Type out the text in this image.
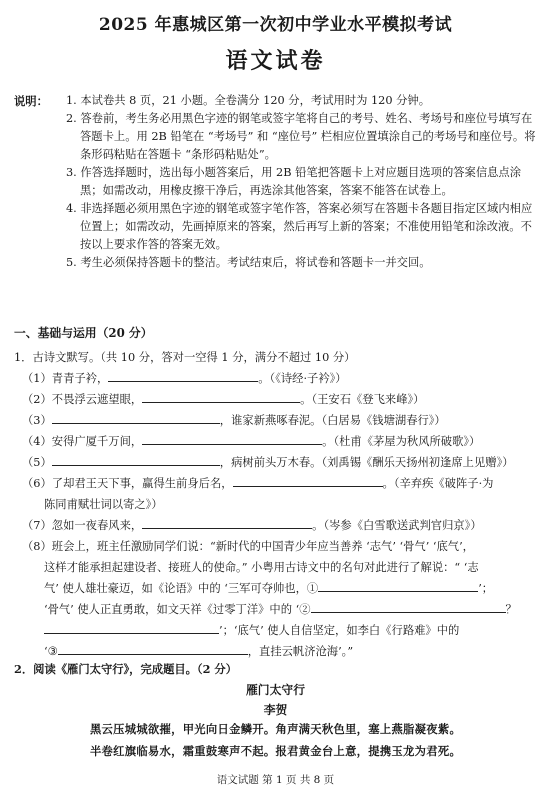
2025 年惠城区第一次初中学业水平模拟考试
语文试卷
说明：	1. 本试卷共 8 页，21 小题。全卷满分 120 分，考试用时为 120 分钟。
2. 答卷前，考生务必用黑色字迹的钢笔或签字笔将自己的考号、姓名、考场号和座位号填写在答题卡上。用 2B 铅笔在 “考场号” 和 “座位号” 栏相应位置填涂自己的考场号和座位号。将条形码粘贴在答题卡 “条形码粘贴处”。
3. 作答选择题时，选出每小题答案后，用 2B 铅笔把答题卡上对应题目选项的答案信息点涂黑；如需改动，用橡皮擦干净后，再选涂其他答案，答案不能答在试卷上。
4. 非选择题必须用黑色字迹的钢笔或签字笔作答，答案必须写在答题卡各题目指定区域内相应位置上；如需改动，先画掉原来的答案，然后再写上新的答案；不准使用铅笔和涂改液。不按以上要求作答的答案无效。
5. 考生必须保持答题卡的整洁。考试结束后，将试卷和答题卡一并交回。
一、基础与运用（20 分）
1．古诗文默写。（共 10 分，答对一空得 1 分，满分不超过 10 分）
（1）青青子衿，	。（《诗经·子衿》）
（2）不畏浮云遮望眼，	。（王安石《登飞来峰》）
（3）	，谁家新燕啄春泥。（白居易《钱塘湖春行》）
（4）安得广厦千万间，	。（杜甫《茅屋为秋风所破歌》）
（5）	，病树前头万木春。（刘禹锡《酬乐天扬州初逢席上见赠》）
（6）了却君王天下事，赢得生前身后名，	。（辛弃疾《破阵子·为
陈同甫赋壮词以寄之》）
（7）忽如一夜春风来，	。（岑参《白雪歌送武判官归京》）
（8）班会上，班主任激励同学们说：“新时代的中国青少年应当善养 ‘志气’ ‘骨气’ ‘底气’，
这样才能承担起建设者、接班人的使命。” 小粤用古诗文中的名句对此进行了解说：“ ‘志
气’ 使人雄壮豪迈，如《论语》中的 ‘三军可夺帅也，①	’；
‘骨气’ 使人正直勇敢，如文天祥《过零丁洋》中的 ‘②	？
’；‘底气’ 使人自信坚定，如李白《行路难》中的
‘③	，直挂云帆济沧海’。”
2．阅读《雁门太守行》，完成题目。（2 分）
雁门太守行
李贺
黑云压城城欲摧，甲光向日金鳞开。角声满天秋色里，塞上燕脂凝夜紫。
半卷红旗临易水，霜重鼓寒声不起。报君黄金台上意，提携玉龙为君死。
语文试题 第 1 页 共 8 页
